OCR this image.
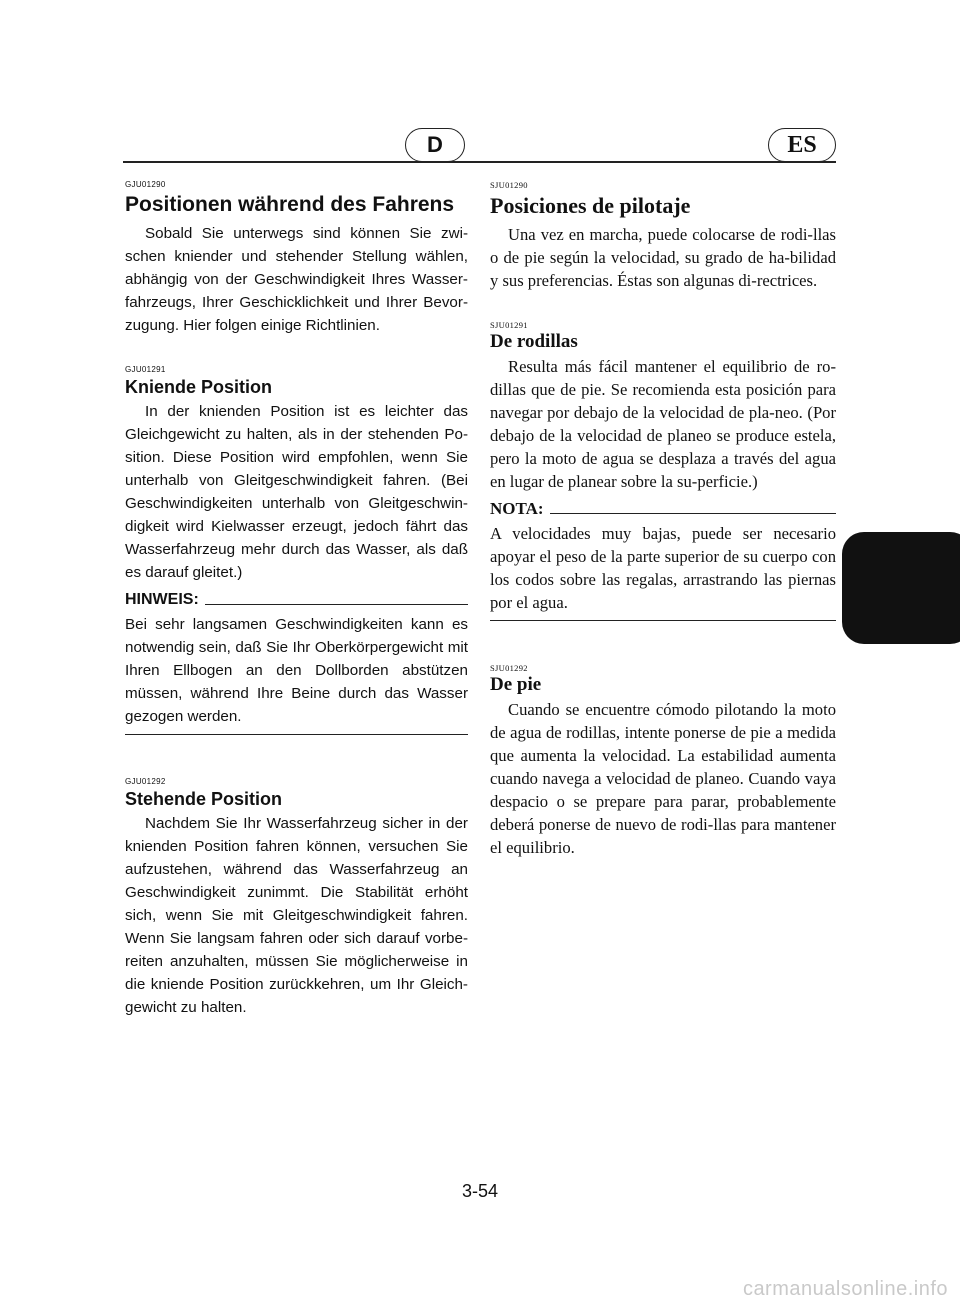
D	ES

GJU01290

Positionen während des Fahrens

Sobald Sie unterwegs sind können Sie zwi-schen kniender und stehender Stellung wählen, abhängig von der Geschwindigkeit Ihres Wasser-fahrzeugs, Ihrer Geschicklichkeit und Ihrer Bevor-zugung. Hier folgen einige Richtlinien.

GJU01291

Kniende Position

In der knienden Position ist es leichter das Gleichgewicht zu halten, als in der stehenden Po-sition. Diese Position wird empfohlen, wenn Sie unterhalb von Gleitgeschwindigkeit fahren. (Bei Geschwindigkeiten unterhalb von Gleitgeschwin-digkeit wird Kielwasser erzeugt, jedoch fährt das Wasserfahrzeug mehr durch das Wasser, als daß es darauf gleitet.)

HINWEIS:

Bei sehr langsamen Geschwindigkeiten kann es notwendig sein, daß Sie Ihr Oberkörpergewicht mit Ihren Ellbogen an den Dollborden abstützen müssen, während Ihre Beine durch das Wasser gezogen werden.

GJU01292

Stehende Position

Nachdem Sie Ihr Wasserfahrzeug sicher in der knienden Position fahren können, versuchen Sie aufzustehen, während das Wasserfahrzeug an Geschwindigkeit zunimmt. Die Stabilität erhöht sich, wenn Sie mit Gleitgeschwindigkeit fahren. Wenn Sie langsam fahren oder sich darauf vorbe-reiten anzuhalten, müssen Sie möglicherweise in die kniende Position zurückkehren, um Ihr Gleich-gewicht zu halten.

SJU01290

Posiciones de pilotaje

Una vez en marcha, puede colocarse de rodi-llas o de pie según la velocidad, su grado de ha-bilidad y sus preferencias. Éstas son algunas di-rectrices.

SJU01291

De rodillas

Resulta más fácil mantener el equilibrio de ro-dillas que de pie. Se recomienda esta posición para navegar por debajo de la velocidad de pla-neo. (Por debajo de la velocidad de planeo se produce estela, pero la moto de agua se desplaza a través del agua en lugar de planear sobre la su-perficie.)

NOTA:

A velocidades muy bajas, puede ser necesario apoyar el peso de la parte superior de su cuerpo con los codos sobre las regalas, arrastrando las piernas por el agua.

SJU01292

De pie

Cuando se encuentre cómodo pilotando la moto de agua de rodillas, intente ponerse de pie a medida que aumenta la velocidad. La estabilidad aumenta cuando navega a velocidad de planeo. Cuando vaya despacio o se prepare para parar, probablemente deberá ponerse de nuevo de rodi-llas para mantener el equilibrio.

3-54
carmanualsonline.info
